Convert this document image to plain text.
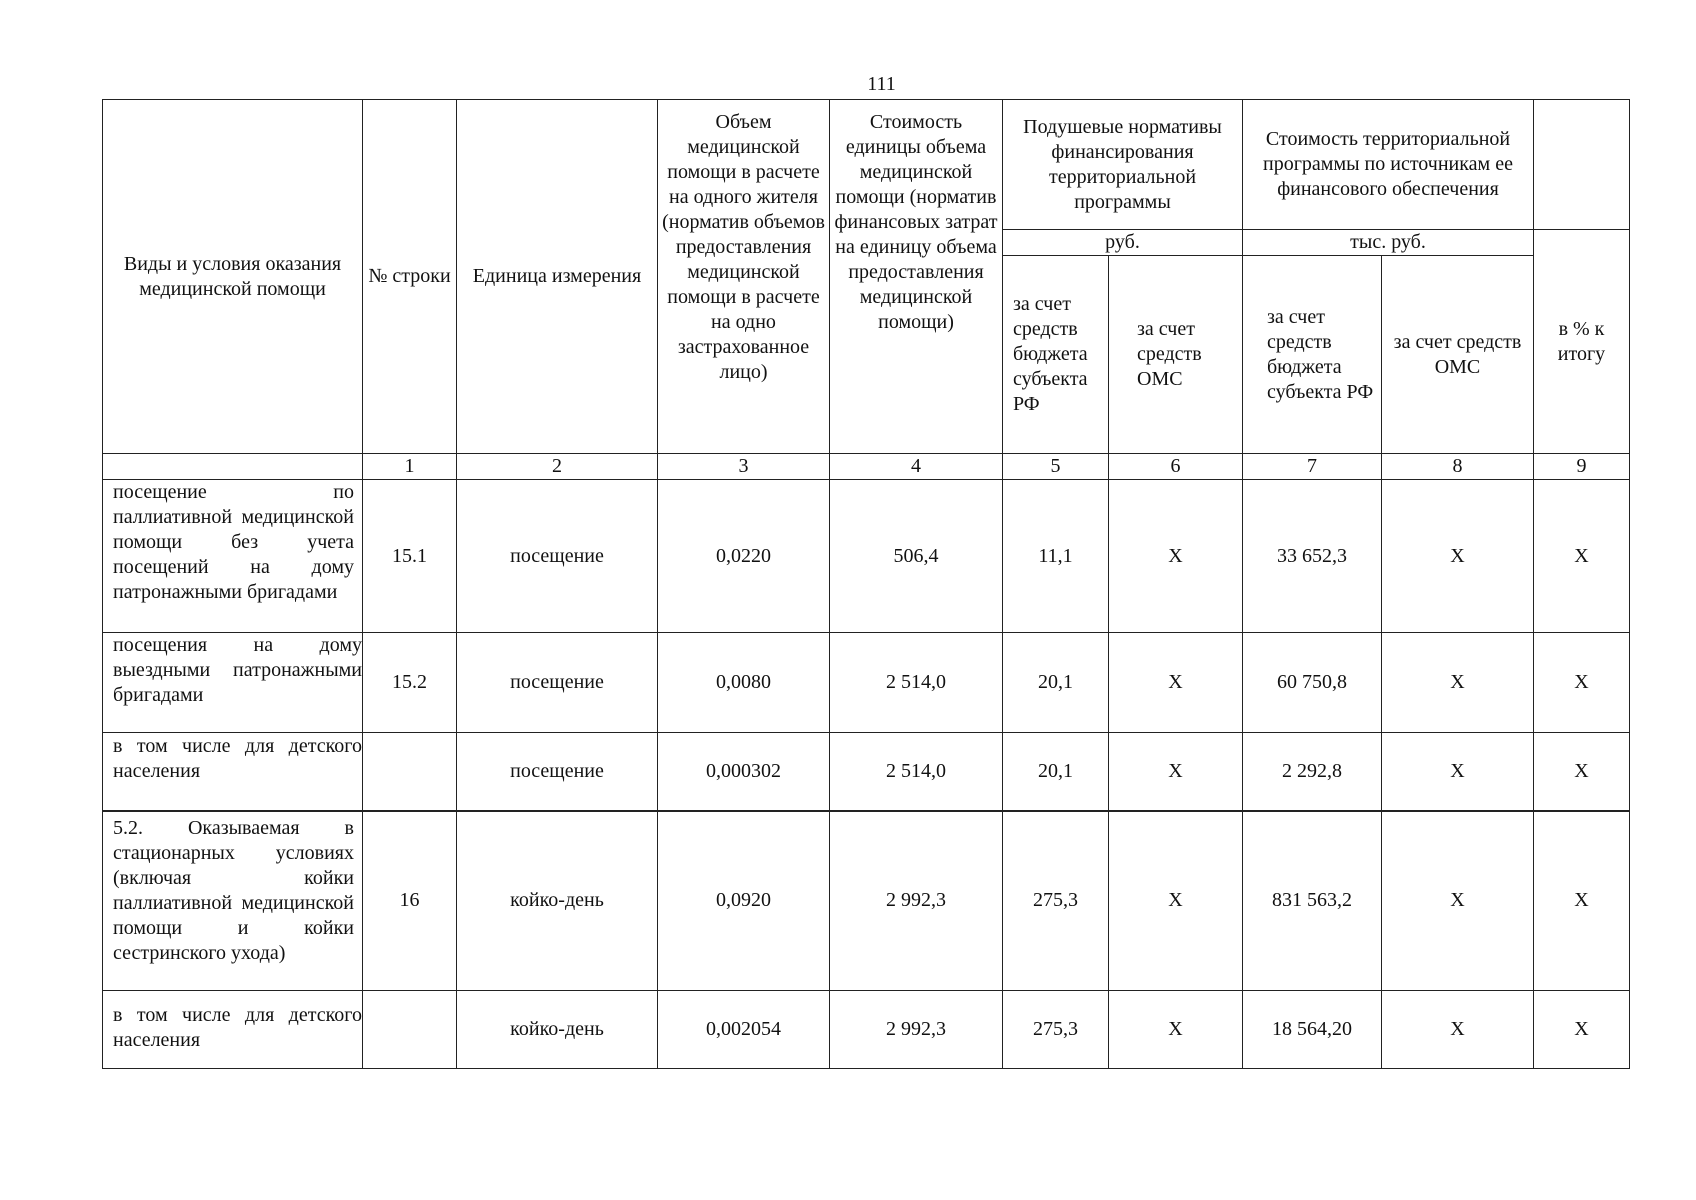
111
Виды и условия оказания медицинской помощи	№ строки	Единица измерения	Объем медицинской помощи в расчете на одного жителя (норматив объемов предоставления медицинской помощи в расчете на одно застрахованное лицо)	Стоимость единицы объема медицинской помощи (норматив финансовых затрат на единицу объема предоставления медицинской помощи)	Подушевые нормативы финансирования территориальной программы		Стоимость территориальной программы по источникам ее финансового обеспечения		
					руб.		тыс. руб.		в % к итогу
					за счет средств бюджета субъекта РФ	за счет средств ОМС	за счет средств бюджета субъекта РФ	за счет средств ОМС	
	1	2	3	4	5	6	7	8	9
посещение по паллиативной медицинской помощи без учета посещений на дому патронажными бригадами	15.1	посещение	0,0220	506,4	11,1	Х	33 652,3	Х	Х
посещения на дому выездными патронажными бригадами	15.2	посещение	0,0080	2 514,0	20,1	Х	60 750,8	Х	Х
в том числе для детского населения		посещение	0,000302	2 514,0	20,1	Х	2 292,8	Х	Х
5.2. Оказываемая в стационарных условиях (включая койки паллиативной медицинской помощи и койки сестринского ухода)	16	койко-день	0,0920	2 992,3	275,3	Х	831 563,2	Х	Х
в том числе для детского населения		койко-день	0,002054	2 992,3	275,3	Х	18 564,20	Х	Х
